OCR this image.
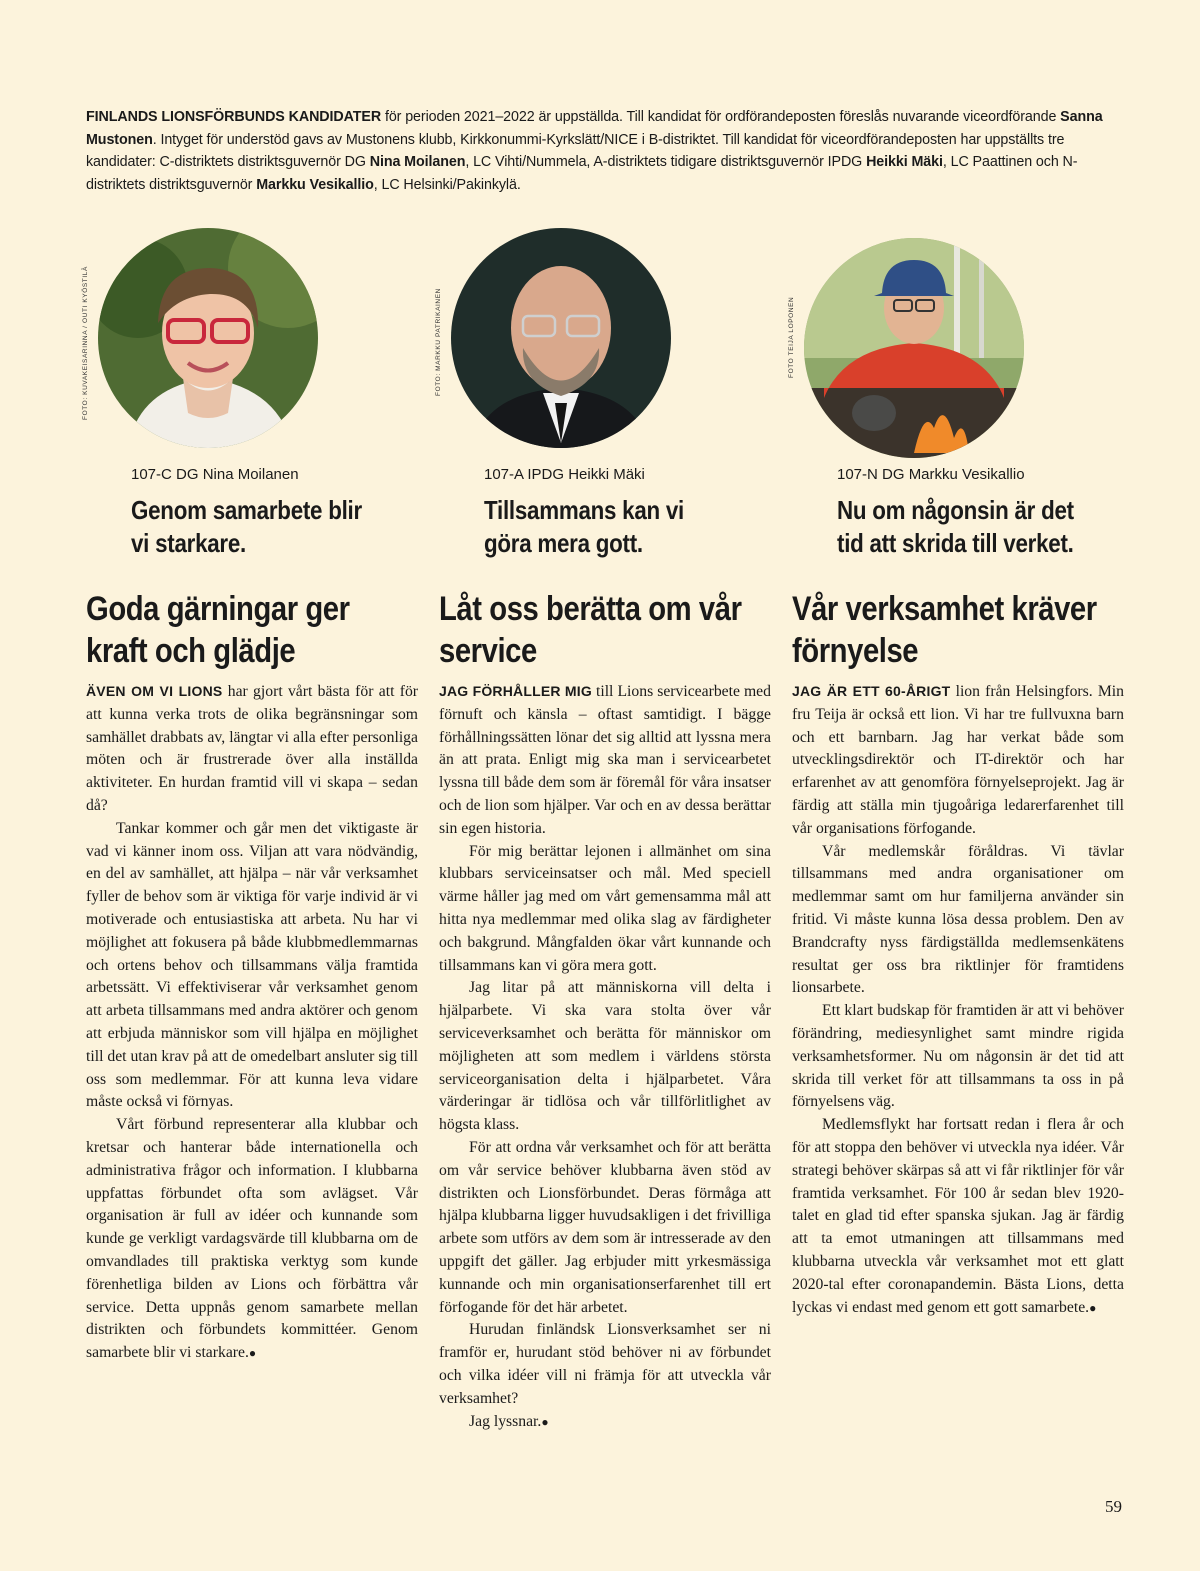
FINLANDS LIONSFÖRBUNDS KANDIDATER för perioden 2021–2022 är uppställda. Till kandidat för ordförandeposten föreslås nuvarande viceordförande Sanna Mustonen. Intyget för understöd gavs av Mustonens klubb, Kirkkonummi-Kyrkslätt/NICE i B-distriktet. Till kandidat för viceordförandeposten har uppställts tre kandidater: C-distriktets distriktsguvernör DG Nina Moilanen, LC Vihti/Nummela, A-distriktets tidigare distriktsguvernör IPDG Heikki Mäki, LC Paattinen och N-distriktets distriktsguvernör Markku Vesikallio, LC Helsinki/Pakinkylä.

FOTO: KUVAKEISARINNA / OUTI KYÖSTILÄ
107-C DG Nina Moilanen
Genom samarbete blir vi starkare.
Goda gärningar ger kraft och glädje

ÄVEN OM VI LIONS har gjort vårt bästa för att för att kunna verka trots de olika begränsningar som samhället drabbats av, längtar vi alla efter personliga möten och är frustrerade över alla inställda aktiviteter. En hurdan framtid vill vi skapa – sedan då?

Tankar kommer och går men det viktigaste är vad vi känner inom oss. Viljan att vara nödvändig, en del av samhället, att hjälpa – när vår verksamhet fyller de behov som är viktiga för varje individ är vi motiverade och entusiastiska att arbeta. Nu har vi möjlighet att fokusera på både klubbmedlemmarnas och ortens behov och tillsammans välja framtida arbetssätt. Vi effektiviserar vår verksamhet genom att arbeta tillsammans med andra aktörer och genom att erbjuda människor som vill hjälpa en möjlighet till det utan krav på att de omedelbart ansluter sig till oss som medlemmar. För att kunna leva vidare måste också vi förnyas.

Vårt förbund representerar alla klubbar och kretsar och hanterar både internationella och administrativa frågor och information. I klubbarna uppfattas förbundet ofta som avlägset. Vår organisation är full av idéer och kunnande som kunde ge verkligt vardagsvärde till klubbarna om de omvandlades till praktiska verktyg som kunde förenhetliga bilden av Lions och förbättra vår service. Detta uppnås genom samarbete mellan distrikten och förbundets kommittéer. Genom samarbete blir vi starkare.●

FOTO: MARKKU PATRIKAINEN
107-A IPDG Heikki Mäki
Tillsammans kan vi göra mera gott.
Låt oss berätta om vår service

JAG FÖRHÅLLER MIG till Lions servicearbete med förnuft och känsla – oftast samtidigt. I bägge förhållningssätten lönar det sig alltid att lyssna mera än att prata. Enligt mig ska man i servicearbetet lyssna till både dem som är föremål för våra insatser och de lion som hjälper. Var och en av dessa berättar sin egen historia.

För mig berättar lejonen i allmänhet om sina klubbars serviceinsatser och mål. Med speciell värme håller jag med om vårt gemensamma mål att hitta nya medlemmar med olika slag av färdigheter och bakgrund. Mångfalden ökar vårt kunnande och tillsammans kan vi göra mera gott.

Jag litar på att människorna vill delta i hjälparbete. Vi ska vara stolta över vår serviceverksamhet och berätta för människor om möjligheten att som medlem i världens största serviceorganisation delta i hjälparbetet. Våra värderingar är tidlösa och vår tillförlitlighet av högsta klass.

För att ordna vår verksamhet och för att berätta om vår service behöver klubbarna även stöd av distrikten och Lionsförbundet. Deras förmåga att hjälpa klubbarna ligger huvudsakligen i det frivilliga arbete som utförs av dem som är intresserade av den uppgift det gäller. Jag erbjuder mitt yrkesmässiga kunnande och min organisationserfarenhet till ert förfogande för det här arbetet.

Hurudan finländsk Lionsverksamhet ser ni framför er, hurudant stöd behöver ni av förbundet och vilka idéer vill ni främja för att utveckla vår verksamhet?

Jag lyssnar.●

FOTO TEIJA LOPONEN
107-N DG Markku Vesikallio
Nu om någonsin är det tid att skrida till verket.
Vår verksamhet kräver förnyelse

JAG ÄR ETT 60-ÅRIGT lion från Helsingfors. Min fru Teija är också ett lion. Vi har tre fullvuxna barn och ett barnbarn. Jag har verkat både som utvecklingsdirektör och IT-direktör och har erfarenhet av att genomföra förnyelseprojekt. Jag är färdig att ställa min tjugoåriga ledarerfarenhet till vår organisations förfogande.

Vår medlemskår föråldras. Vi tävlar tillsammans med andra organisationer om medlemmar samt om hur familjerna använder sin fritid. Vi måste kunna lösa dessa problem. Den av Brandcrafty nyss färdigställda medlemsenkätens resultat ger oss bra riktlinjer för framtidens lionsarbete.

Ett klart budskap för framtiden är att vi behöver förändring, mediesynlighet samt mindre rigida verksamhetsformer. Nu om någonsin är det tid att skrida till verket för att tillsammans ta oss in på förnyelsens väg.

Medlemsflykt har fortsatt redan i flera år och för att stoppa den behöver vi utveckla nya idéer. Vår strategi behöver skärpas så att vi får riktlinjer för vår framtida verksamhet. För 100 år sedan blev 1920-talet en glad tid efter spanska sjukan. Jag är färdig att ta emot utmaningen att tillsammans med klubbarna utveckla vår verksamhet mot ett glatt 2020-tal efter coronapandemin. Bästa Lions, detta lyckas vi endast med genom ett gott samarbete.●

59
